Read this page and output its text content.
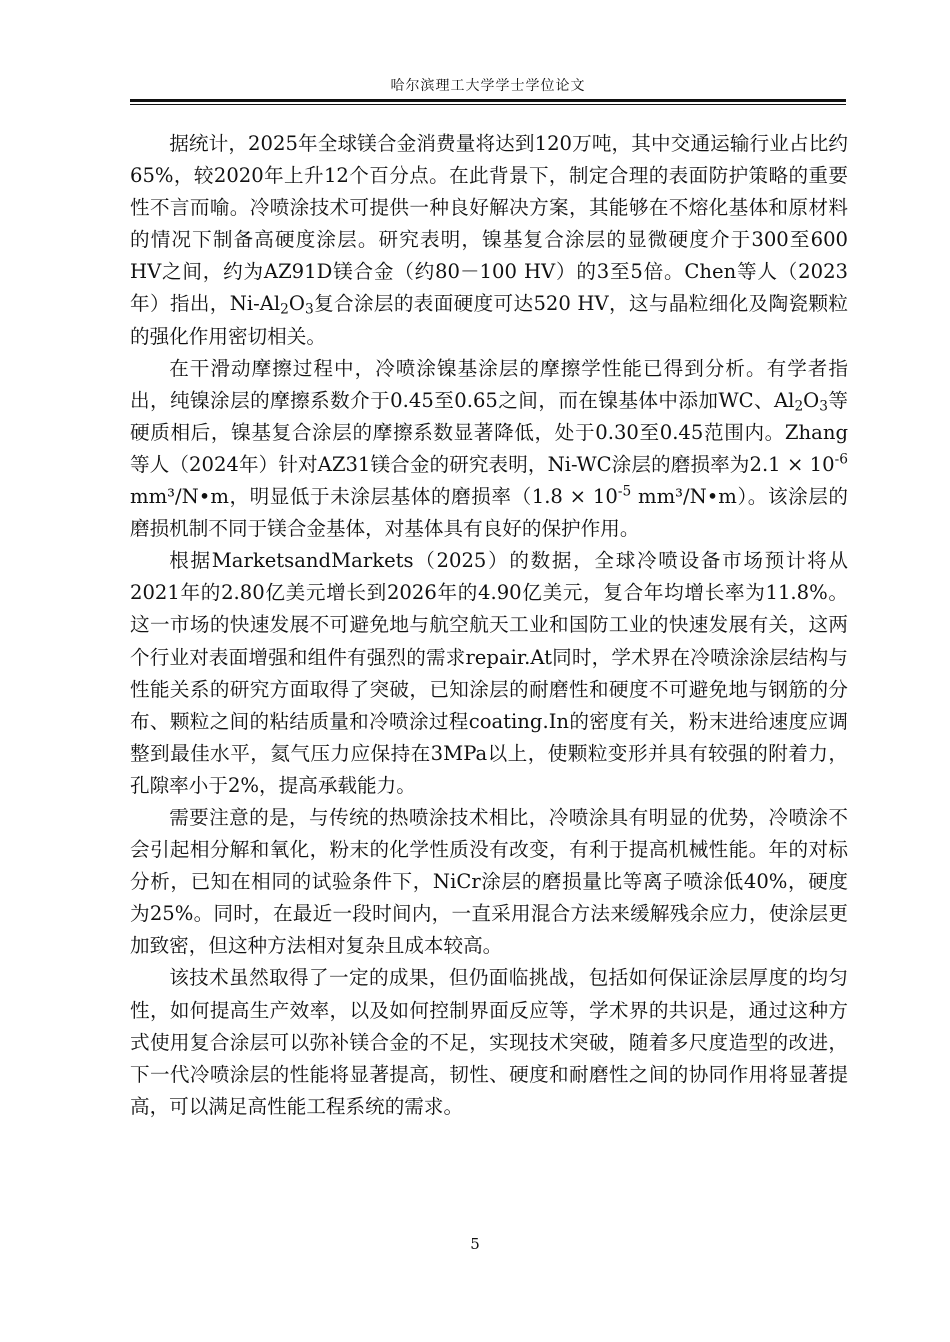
哈尔滨理工大学学士学位论文

据统计，2025年全球镁合金消费量将达到120万吨，其中交通运输行业占比约65%，较2020年上升12个百分点。在此背景下，制定合理的表面防护策略的重要性不言而喻。冷喷涂技术可提供一种良好解决方案，其能够在不熔化基体和原材料的情况下制备高硬度涂层。研究表明，镍基复合涂层的显微硬度介于300至600 HV之间，约为AZ91D镁合金（约80－100 HV）的3至5倍。Chen等人（2023年）指出，$Ni-Al_2O_3$复合涂层的表面硬度可达520 HV，这与晶粒细化及陶瓷颗粒的强化作用密切相关。

在干滑动摩擦过程中，冷喷涂镍基涂层的摩擦学性能已得到分析。有学者指出，纯镍涂层的摩擦系数介于0.45至0.65之间，而在镍基体中添加WC、$Al_2O_3$等硬质相后，镍基复合涂层的摩擦系数显著降低，处于0.30至0.45范围内。Zhang等人（2024年）针对AZ31镁合金的研究表明，Ni-WC涂层的磨损率为$2.1 \times 10^{-6}$ mm³/N•m，明显低于未涂层基体的磨损率（$1.8 \times 10^{-5}$ mm³/N•m）。该涂层的磨损机制不同于镁合金基体，对基体具有良好的保护作用。

根据MarketsandMarkets（2025）的数据，全球冷喷设备市场预计将从2021年的2.80亿美元增长到2026年的4.90亿美元，复合年均增长率为11.8%。这一市场的快速发展不可避免地与航空航天工业和国防工业的快速发展有关，这两个行业对表面增强和组件有强烈的需求repair.At同时，学术界在冷喷涂涂层结构与性能关系的研究方面取得了突破，已知涂层的耐磨性和硬度不可避免地与钢筋的分布、颗粒之间的粘结质量和冷喷涂过程coating.In的密度有关，粉末进给速度应调整到最佳水平，氦气压力应保持在3MPa以上，使颗粒变形并具有较强的附着力，孔隙率小于2%，提高承载能力。

需要注意的是，与传统的热喷涂技术相比，冷喷涂具有明显的优势，冷喷涂不会引起相分解和氧化，粉末的化学性质没有改变，有利于提高机械性能。年的对标分析，已知在相同的试验条件下，NiCr涂层的磨损量比等离子喷涂低40%，硬度为25%。同时，在最近一段时间内，一直采用混合方法来缓解残余应力，使涂层更加致密，但这种方法相对复杂且成本较高。

该技术虽然取得了一定的成果，但仍面临挑战，包括如何保证涂层厚度的均匀性，如何提高生产效率，以及如何控制界面反应等，学术界的共识是，通过这种方式使用复合涂层可以弥补镁合金的不足，实现技术突破，随着多尺度造型的改进，下一代冷喷涂层的性能将显著提高，韧性、硬度和耐磨性之间的协同作用将显著提高，可以满足高性能工程系统的需求。

5
